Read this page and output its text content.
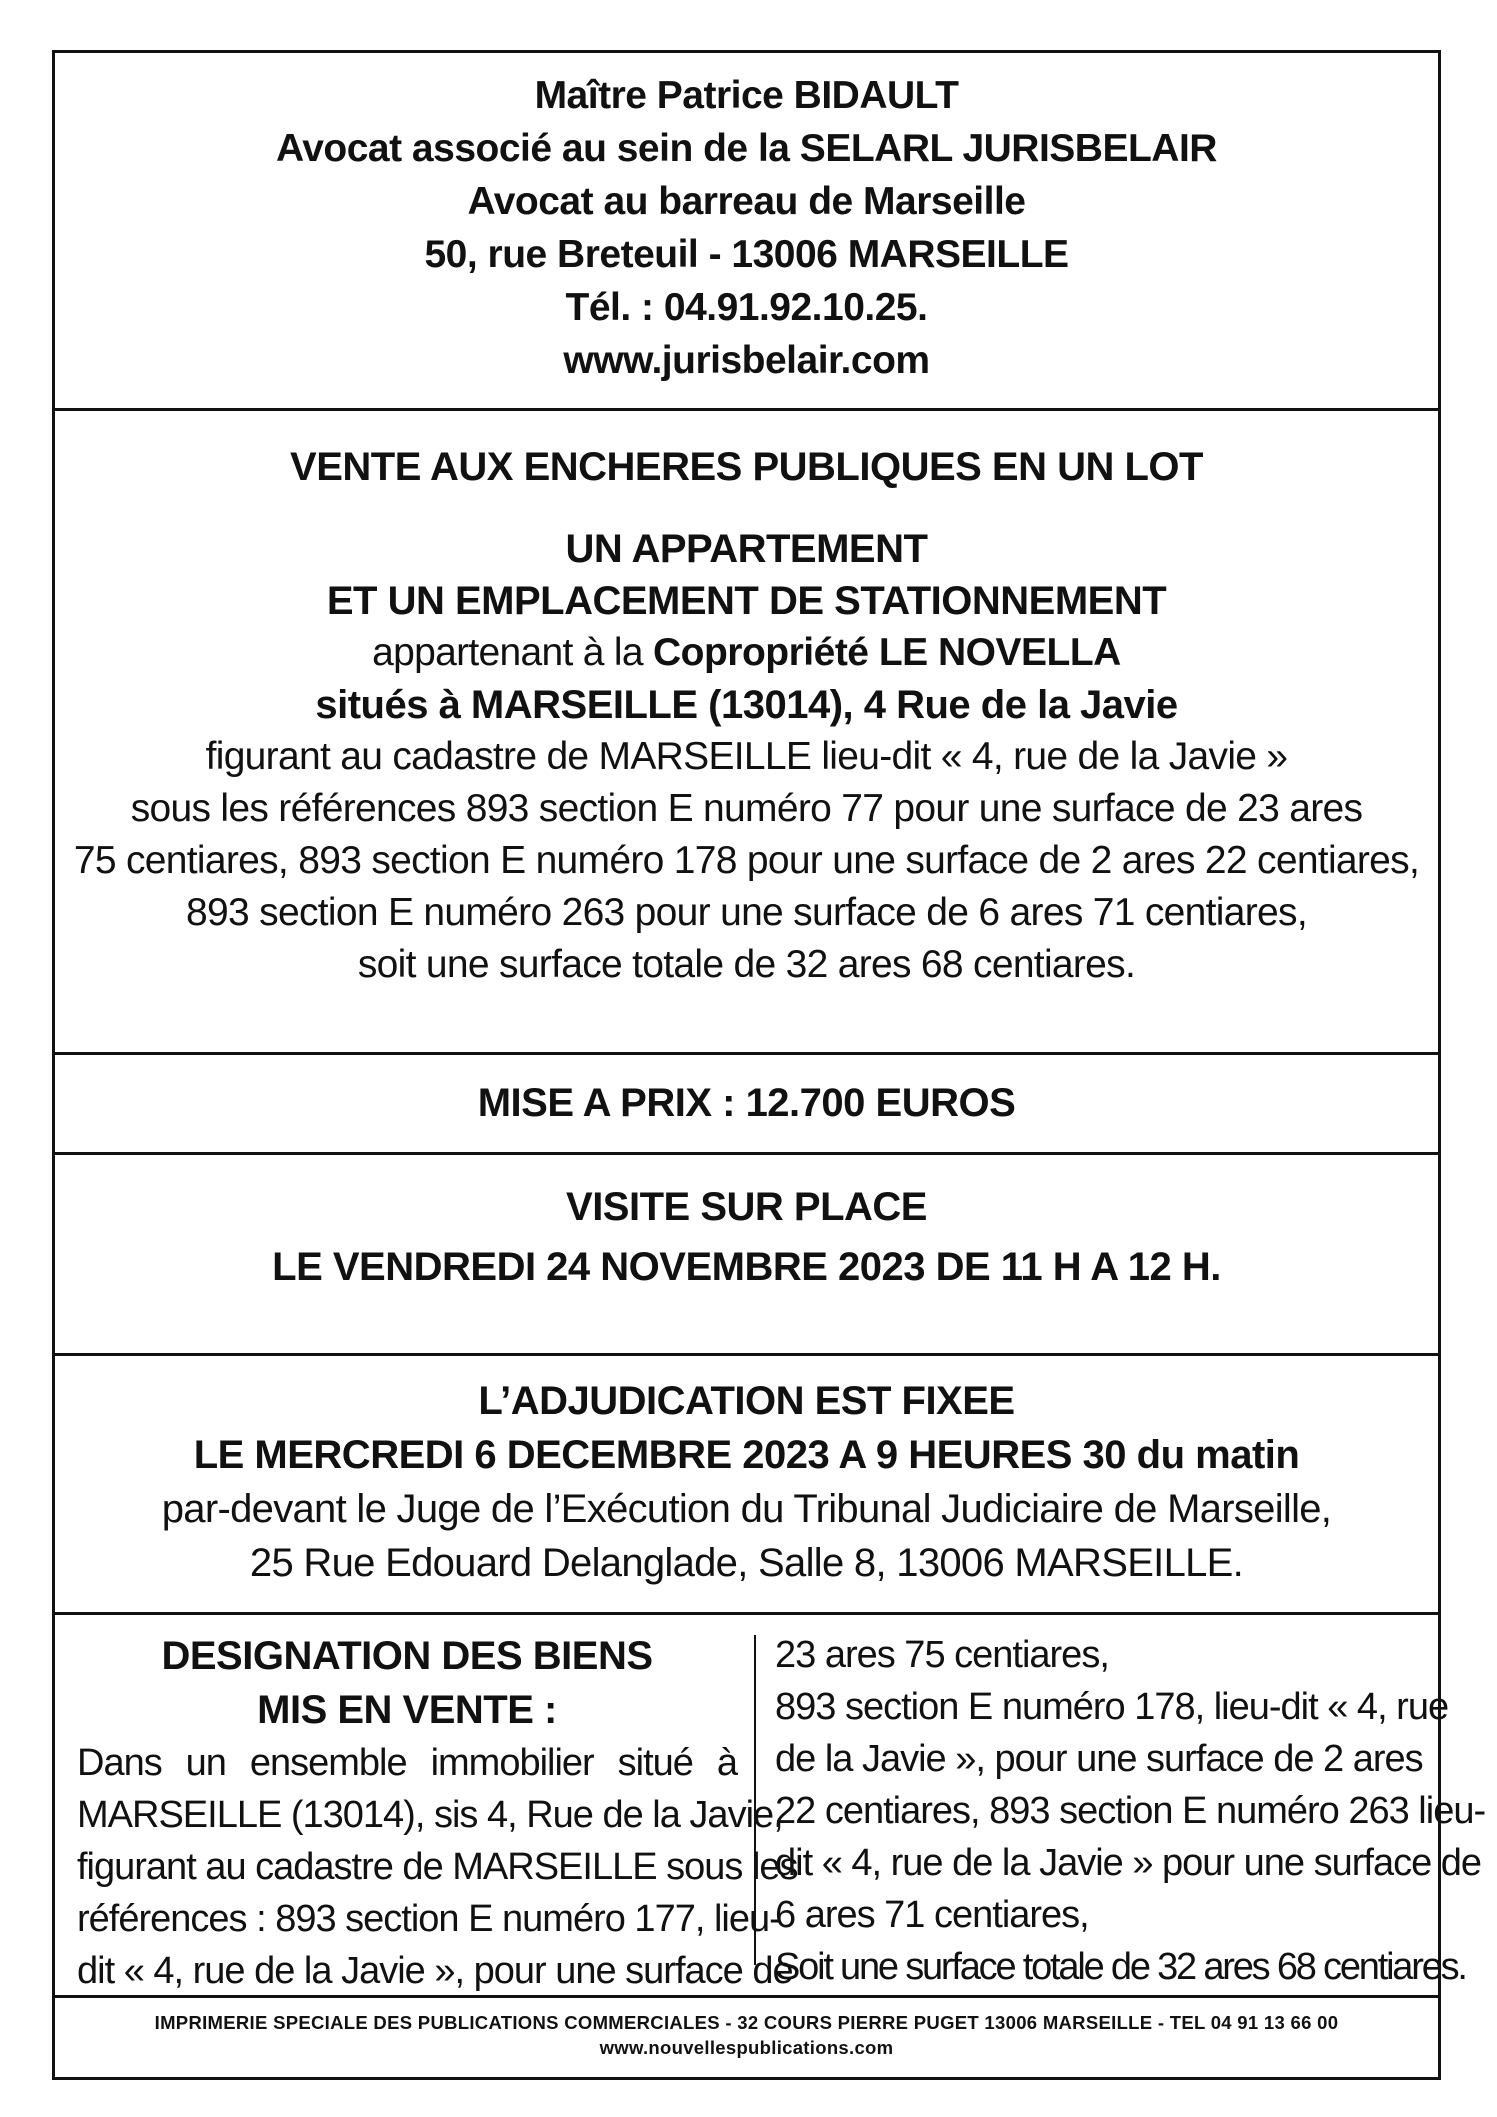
Maître Patrice BIDAULT
Avocat associé au sein de la SELARL JURISBELAIR
Avocat au barreau de Marseille
50, rue Breteuil - 13006 MARSEILLE
Tél. : 04.91.92.10.25.
www.jurisbelair.com
VENTE AUX ENCHERES PUBLIQUES EN UN LOT
UN APPARTEMENT
ET UN EMPLACEMENT DE STATIONNEMENT
appartenant à la Copropriété LE NOVELLA
situés à MARSEILLE (13014), 4 Rue de la Javie
figurant au cadastre de MARSEILLE lieu-dit « 4, rue de la Javie »
sous les références 893 section E numéro 77 pour une surface de 23 ares
75 centiares, 893 section E numéro 178 pour une surface de 2 ares 22 centiares,
893 section E numéro 263 pour une surface de 6 ares 71 centiares,
soit une surface totale de 32 ares 68 centiares.
MISE A PRIX : 12.700 EUROS
VISITE SUR PLACE
LE VENDREDI 24 NOVEMBRE 2023 DE 11 H A 12 H.
L’ADJUDICATION EST FIXEE
LE MERCREDI 6 DECEMBRE 2023 A 9 HEURES 30 du matin
par-devant le Juge de l’Exécution du Tribunal Judiciaire de Marseille,
25 Rue Edouard Delanglade, Salle 8, 13006 MARSEILLE.
DESIGNATION DES BIENS
MIS EN VENTE :
Dans un ensemble immobilier situé à
MARSEILLE (13014), sis 4, Rue de la Javie,
figurant au cadastre de MARSEILLE sous les
références : 893 section E numéro 177, lieu-
dit « 4, rue de la Javie », pour une surface de
23 ares 75 centiares,
893 section E numéro 178, lieu-dit « 4, rue
de la Javie », pour une surface de 2 ares
22 centiares, 893 section E numéro 263 lieu-
dit « 4, rue de la Javie » pour une surface de
6 ares 71 centiares,
Soit une surface totale de 32 ares 68 centiares.
IMPRIMERIE SPECIALE DES PUBLICATIONS COMMERCIALES - 32 COURS PIERRE PUGET 13006 MARSEILLE - TEL 04 91 13 66 00
www.nouvellespublications.com
